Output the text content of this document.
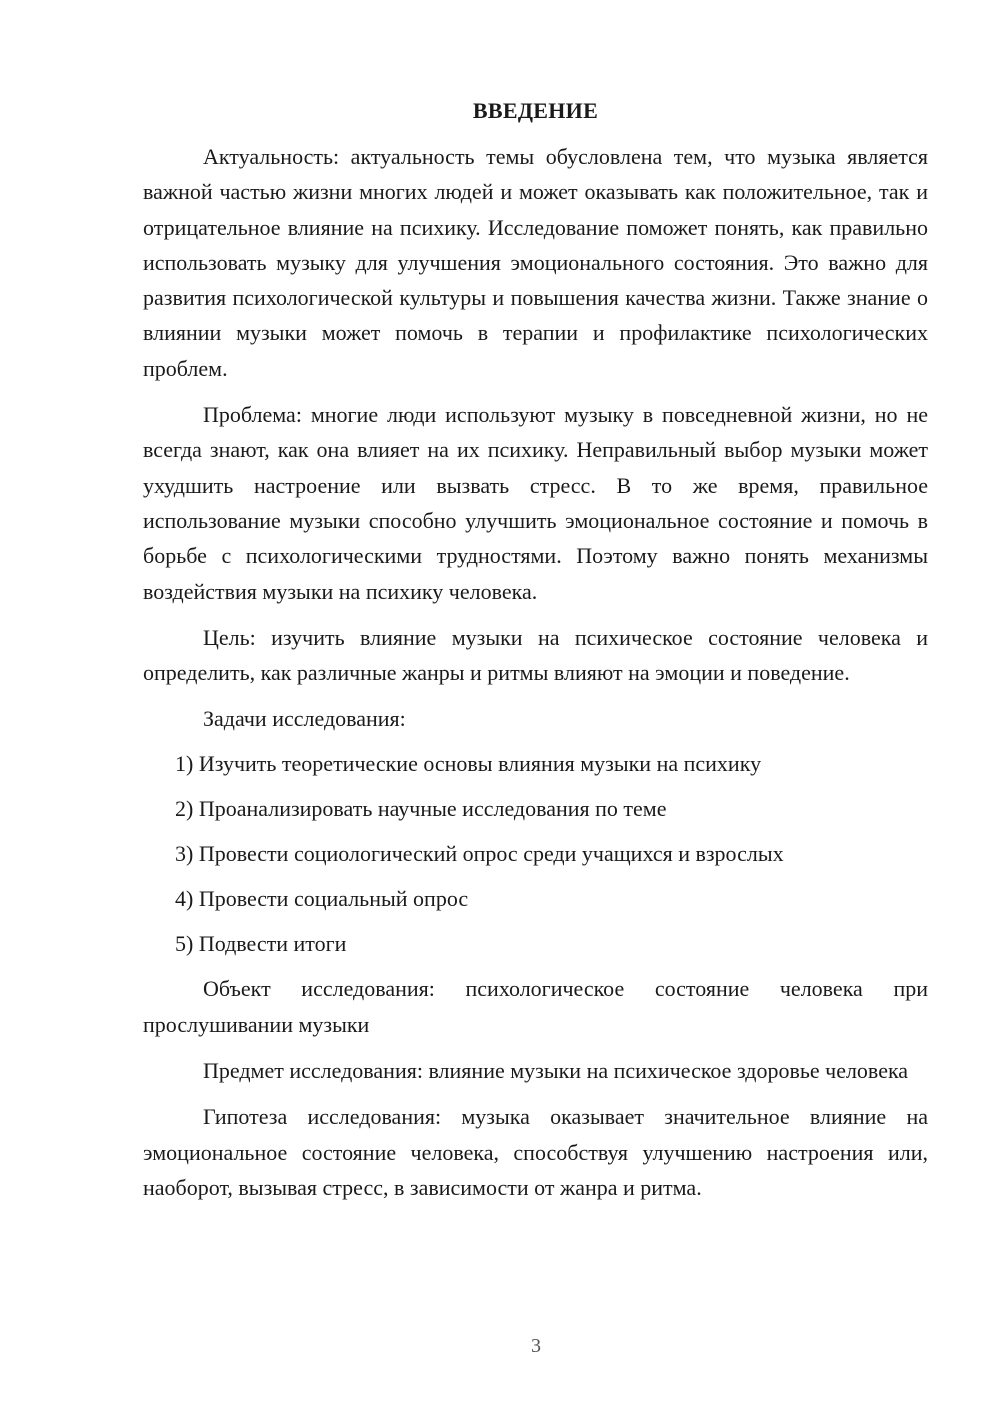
ВВЕДЕНИЕ

Актуальность: актуальность темы обусловлена тем, что музыка является важной частью жизни многих людей и может оказывать как положительное, так и отрицательное влияние на психику. Исследование поможет понять, как правильно использовать музыку для улучшения эмоционального состояния. Это важно для развития психологической культуры и повышения качества жизни. Также знание о влиянии музыки может помочь в терапии и профилактике психологических проблем.

Проблема: многие люди используют музыку в повседневной жизни, но не всегда знают, как она влияет на их психику. Неправильный выбор музыки может ухудшить настроение или вызвать стресс. В то же время, правильное использование музыки способно улучшить эмоциональное состояние и помочь в борьбе с психологическими трудностями. Поэтому важно понять механизмы воздействия музыки на психику человека.

Цель: изучить влияние музыки на психическое состояние человека и определить, как различные жанры и ритмы влияют на эмоции и поведение.

Задачи исследования:
1) Изучить теоретические основы влияния музыки на психику
2) Проанализировать научные исследования по теме
3) Провести социологический опрос среди учащихся и взрослых
4) Провести социальный опрос
5) Подвести итоги

Объект исследования: психологическое состояние человека при прослушивании музыки

Предмет исследования: влияние музыки на психическое здоровье человека

Гипотеза исследования: музыка оказывает значительное влияние на эмоциональное состояние человека, способствуя улучшению настроения или, наоборот, вызывая стресс, в зависимости от жанра и ритма.

3
